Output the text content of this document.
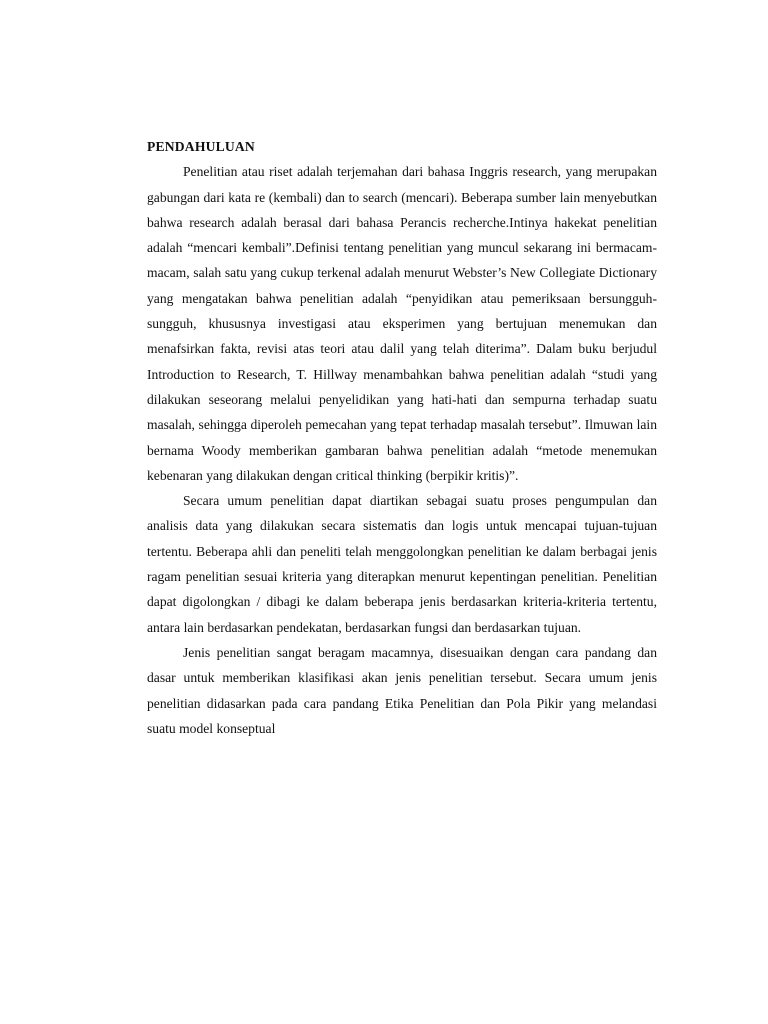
PENDAHULUAN

Penelitian atau riset adalah terjemahan dari bahasa Inggris research, yang merupakan gabungan dari kata re (kembali) dan to search (mencari). Beberapa sumber lain menyebutkan bahwa research adalah berasal dari bahasa Perancis recherche.Intinya hakekat penelitian adalah “mencari kembali”.Definisi tentang penelitian yang muncul sekarang ini bermacam-macam, salah satu yang cukup terkenal adalah menurut Webster’s New Collegiate Dictionary yang mengatakan bahwa penelitian adalah “penyidikan atau pemeriksaan bersungguh-sungguh, khususnya investigasi atau eksperimen yang bertujuan menemukan dan menafsirkan fakta, revisi atas teori atau dalil yang telah diterima”. Dalam buku berjudul Introduction to Research, T. Hillway menambahkan bahwa penelitian adalah “studi yang dilakukan seseorang melalui penyelidikan yang hati-hati dan sempurna terhadap suatu masalah, sehingga diperoleh pemecahan yang tepat terhadap masalah tersebut”. Ilmuwan lain bernama Woody memberikan gambaran bahwa penelitian adalah “metode menemukan kebenaran yang dilakukan dengan critical thinking (berpikir kritis)”.

Secara umum penelitian dapat diartikan sebagai suatu proses pengumpulan dan analisis data yang dilakukan secara sistematis dan logis untuk mencapai tujuan-tujuan tertentu. Beberapa ahli dan peneliti telah menggolongkan penelitian ke dalam berbagai jenis ragam penelitian sesuai kriteria yang diterapkan menurut kepentingan penelitian. Penelitian dapat digolongkan / dibagi ke dalam beberapa jenis berdasarkan kriteria-kriteria tertentu, antara lain berdasarkan pendekatan, berdasarkan fungsi dan berdasarkan tujuan.

Jenis penelitian sangat beragam macamnya, disesuaikan dengan cara pandang dan dasar untuk memberikan klasifikasi akan jenis penelitian tersebut. Secara umum jenis penelitian didasarkan pada cara pandang Etika Penelitian dan Pola Pikir yang melandasi suatu model konseptual
